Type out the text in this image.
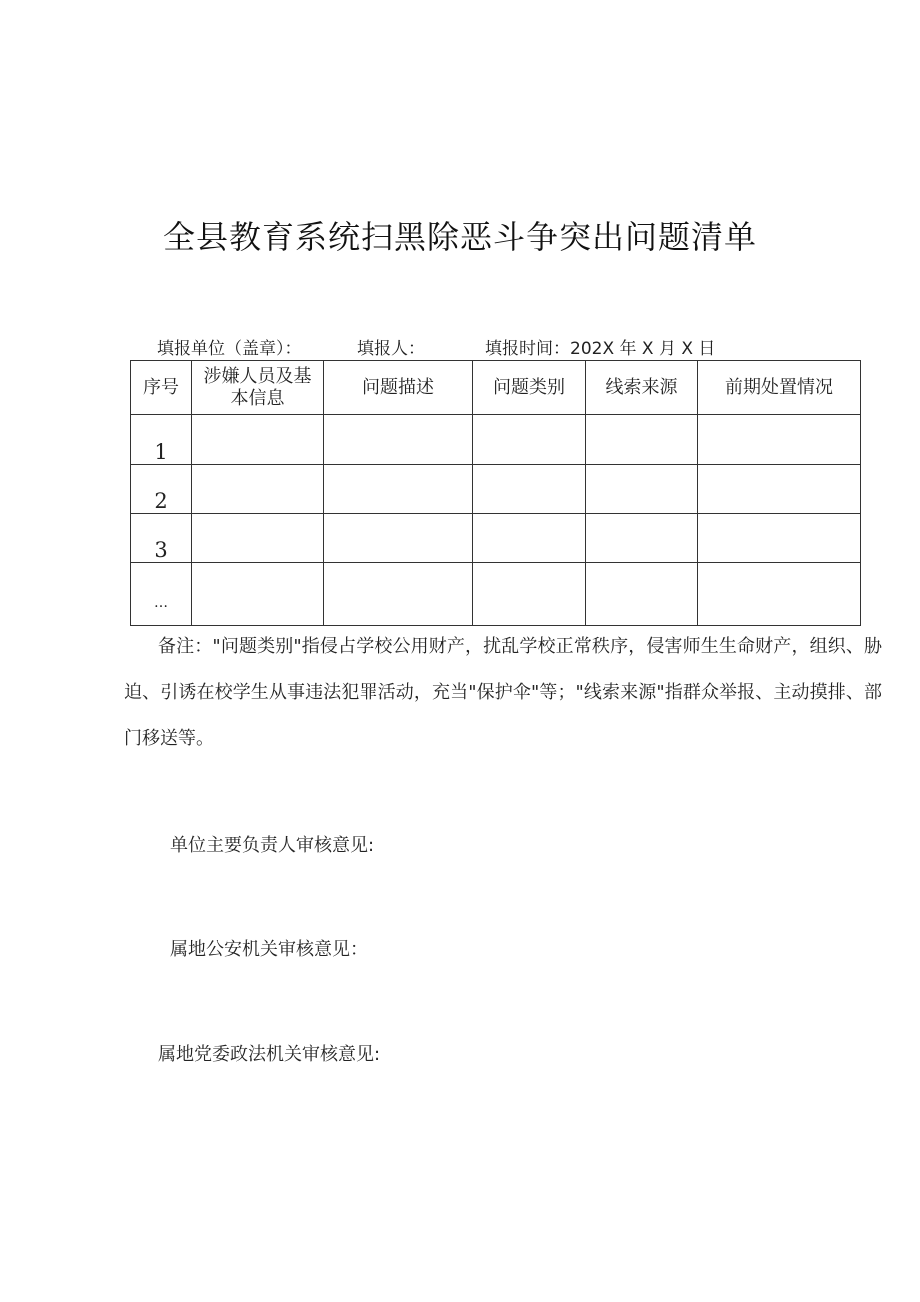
全县教育系统扫黑除恶斗争突出问题清单
填报单位（盖章）：	填报人：	填报时间：202X 年 X 月 X 日
序号	涉嫌人员及基本信息	问题描述	问题类别	线索来源	前期处置情况
1					
2					
3					
…					
备注："问题类别"指侵占学校公用财产，扰乱学校正常秩序，侵害师生生命财产，组织、胁迫、引诱在校学生从事违法犯罪活动，充当"保护伞"等；"线索来源"指群众举报、主动摸排、部门移送等。
单位主要负责人审核意见:
属地公安机关审核意见：
属地党委政法机关审核意见:
